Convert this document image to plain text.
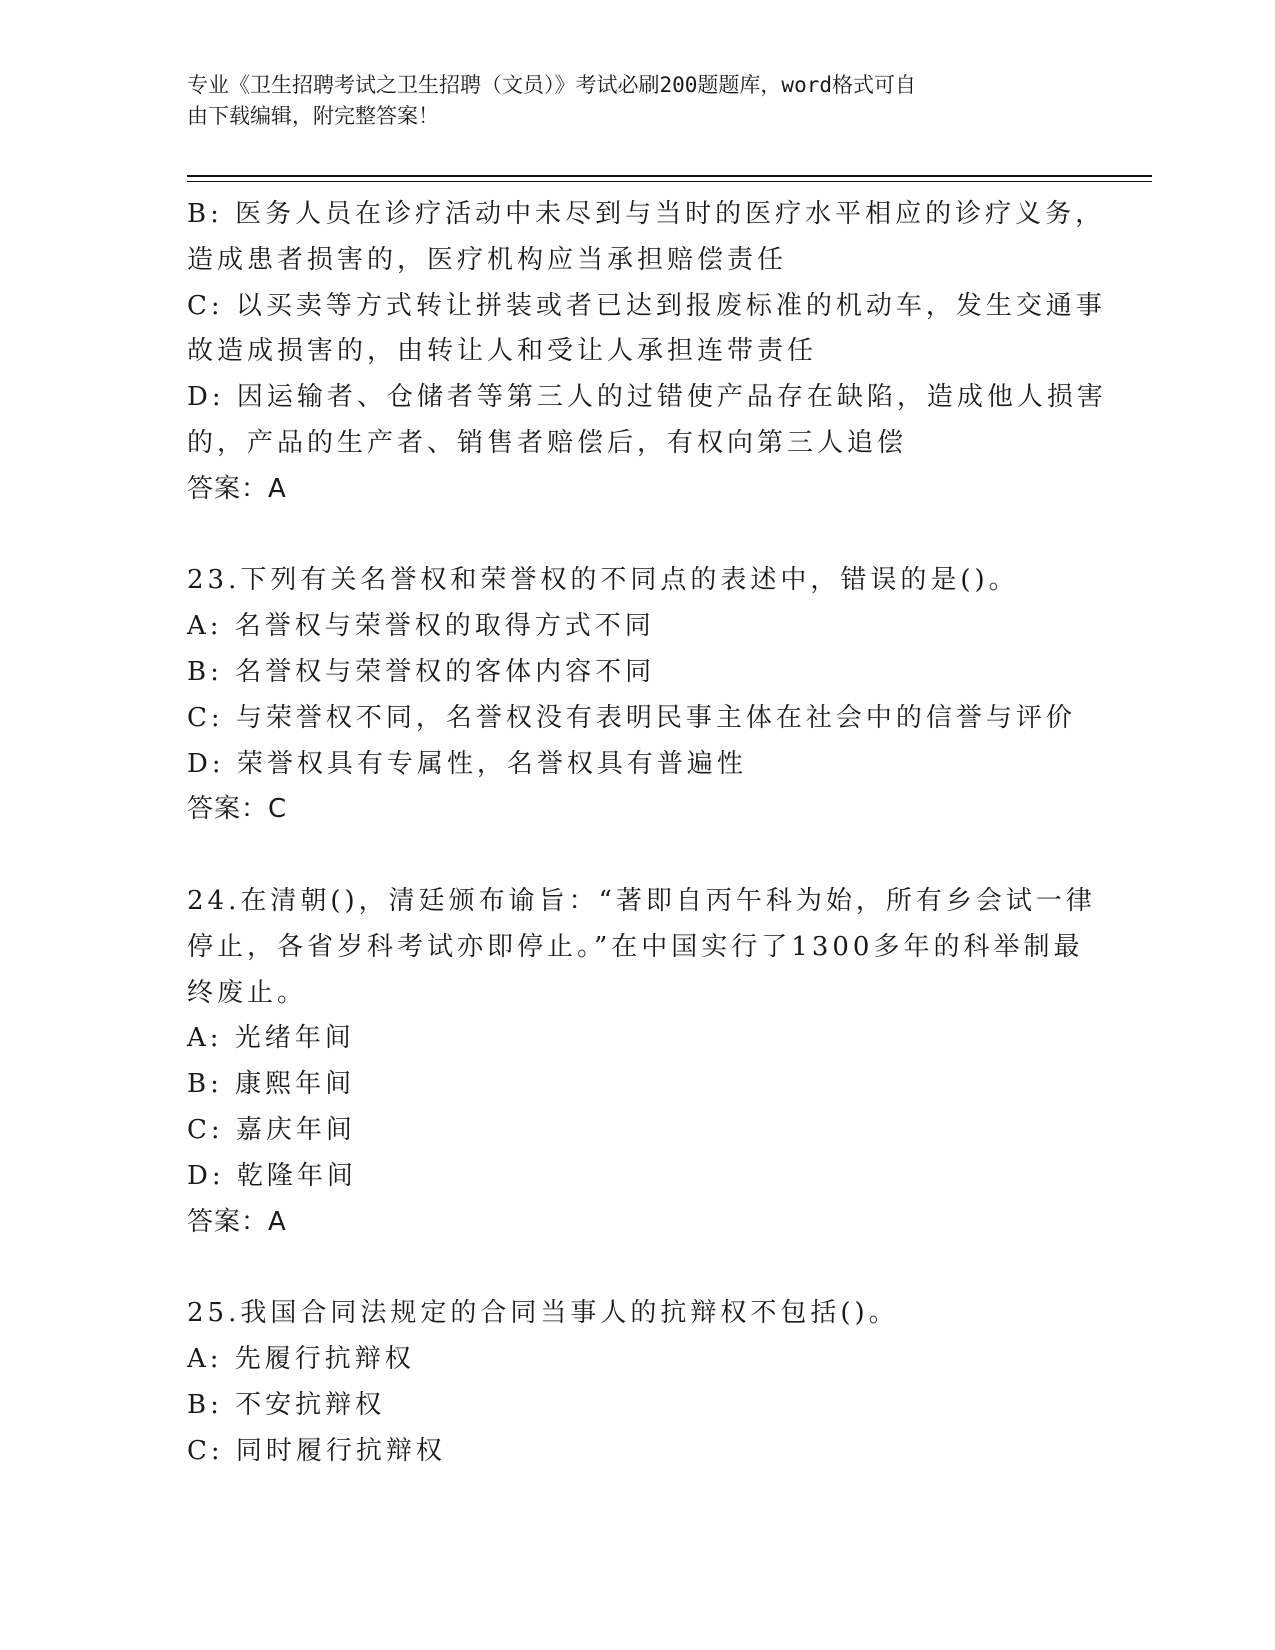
专业《卫生招聘考试之卫生招聘（文员）》考试必刷200题题库，word格式可自
由下载编辑，附完整答案！
B: 医务人员在诊疗活动中未尽到与当时的医疗水平相应的诊疗义务，
造成患者损害的，医疗机构应当承担赔偿责任
C: 以买卖等方式转让拼装或者已达到报废标准的机动车，发生交通事
故造成损害的，由转让人和受让人承担连带责任
D: 因运输者、仓储者等第三人的过错使产品存在缺陷，造成他人损害
的，产品的生产者、销售者赔偿后，有权向第三人追偿
答案：A
23.下列有关名誉权和荣誉权的不同点的表述中，错误的是()。
A: 名誉权与荣誉权的取得方式不同
B: 名誉权与荣誉权的客体内容不同
C: 与荣誉权不同，名誉权没有表明民事主体在社会中的信誉与评价
D: 荣誉权具有专属性，名誉权具有普遍性
答案：C
24.在清朝()，清廷颁布谕旨：“著即自丙午科为始，所有乡会试一律
停止，各省岁科考试亦即停止。”在中国实行了1300多年的科举制最
终废止。
A: 光绪年间
B: 康熙年间
C: 嘉庆年间
D: 乾隆年间
答案：A
25.我国合同法规定的合同当事人的抗辩权不包括()。
A: 先履行抗辩权
B: 不安抗辩权
C: 同时履行抗辩权
